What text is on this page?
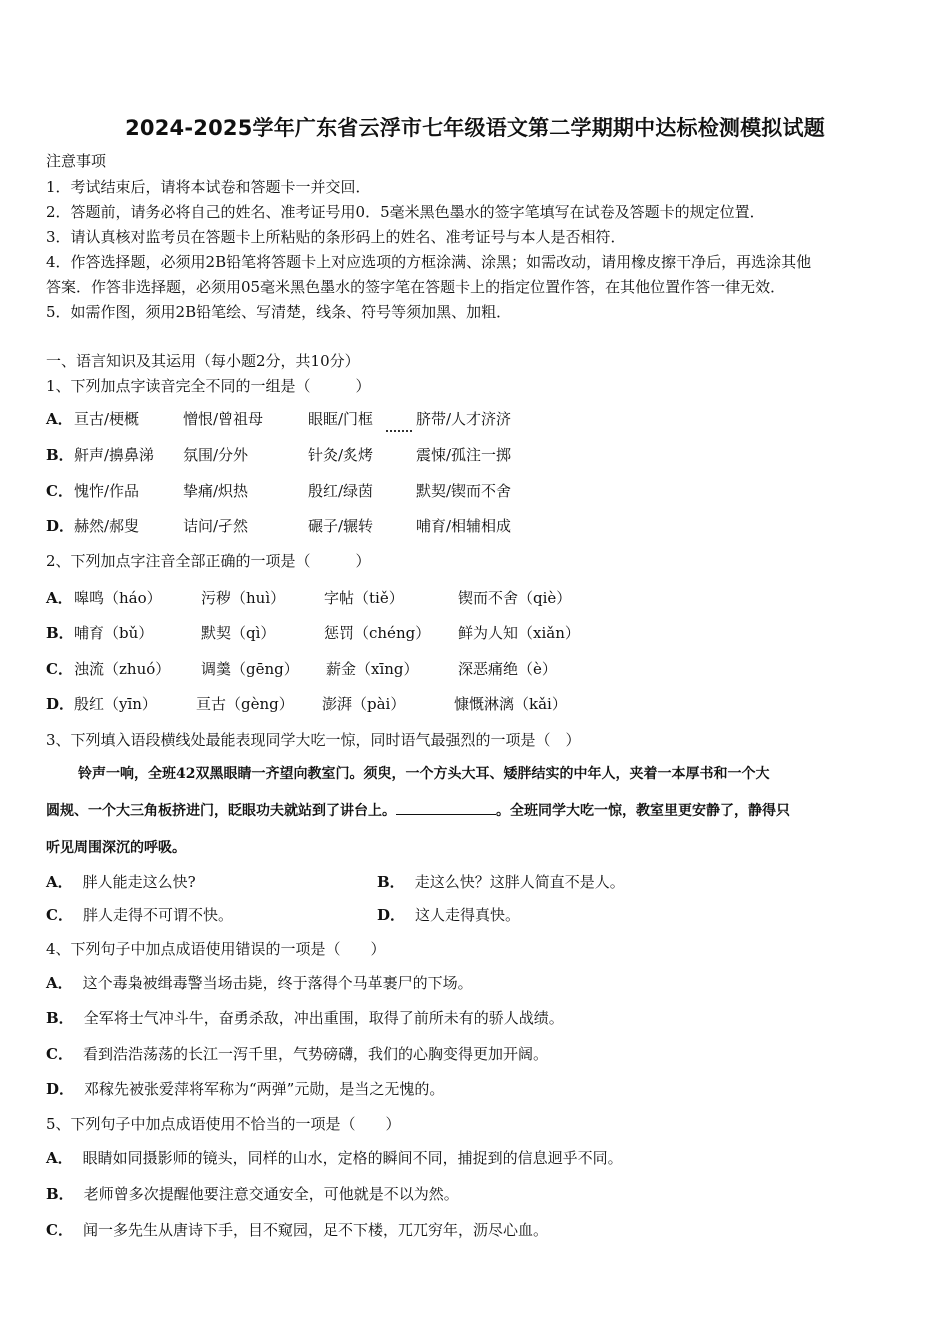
2024-2025学年广东省云浮市七年级语文第二学期期中达标检测模拟试题
注意事项
1．考试结束后，请将本试卷和答题卡一并交回．
2．答题前，请务必将自己的姓名、准考证号用0．5毫米黑色墨水的签字笔填写在试卷及答题卡的规定位置．
3．请认真核对监考员在答题卡上所粘贴的条形码上的姓名、准考证号与本人是否相符．
4．作答选择题，必须用2B铅笔将答题卡上对应选项的方框涂满、涂黑；如需改动，请用橡皮擦干净后，再选涂其他
答案．作答非选择题，必须用05毫米黑色墨水的签字笔在答题卡上的指定位置作答，在其他位置作答一律无效．
5．如需作图，须用2B铅笔绘、写清楚，线条、符号等须加黑、加粗．
一、语言知识及其运用（每小题2分，共10分）
1、下列加点字读音完全不同的一组是（　　　）
A． 亘古/梗概	憎恨/曾祖母	眼眶/门框	脐带/人才济济
B． 鼾声/擤鼻涕 氛围/分外	针灸/炙烤	震悚/孤注一掷
C． 愧怍/作品	挚痛/炽热	殷红/绿茵	默契/锲而不舍
D． 赫然/郝叟	诘问/孑然	碾子/辗转	哺育/相辅相成
2、下列加点字注音全部正确的一项是（　　　）
A． 嗥鸣（háo）	污秽（huì）	字帖（tiě）	锲而不舍（qiè）
B． 哺育（bǔ）	默契（qì）	惩罚（chéng） 鲜为人知（xiǎn）
C． 浊流（zhuó） 调羹（gēng） 薪金（xīng）	深恶痛绝（è）
D． 殷红（yīn）	亘古（gèng） 澎湃（pài）	慷慨淋漓（kǎi）
3、下列填入语段横线处最能表现同学大吃一惊，同时语气最强烈的一项是（　）
铃声一响，全班42双黑眼睛一齐望向教室门。须臾，一个方头大耳、矮胖结实的中年人，夹着一本厚书和一个大
圆规、一个大三角板挤进门，眨眼功夫就站到了讲台上。	。全班同学大吃一惊，教室里更安静了，静得只
听见周围深沉的呼吸。
A． 胖人能走这么快?	B． 走这么快？这胖人简直不是人。
C． 胖人走得不可谓不快。	D． 这人走得真快。
4、下列句子中加点成语使用错误的一项是（　　）
A． 这个毒枭被缉毒警当场击毙，终于落得个马革裹尸的下场。
B． 全军将士气冲斗牛，奋勇杀敌，冲出重围，取得了前所未有的骄人战绩。
C． 看到浩浩荡荡的长江一泻千里，气势磅礴，我们的心胸变得更加开阔。
D． 邓稼先被张爱萍将军称为“两弹”元勋，是当之无愧的。
5、下列句子中加点成语使用不恰当的一项是（　　）
A． 眼睛如同摄影师的镜头，同样的山水，定格的瞬间不同，捕捉到的信息迥乎不同。
B． 老师曾多次提醒他要注意交通安全，可他就是不以为然。
C． 闻一多先生从唐诗下手，目不窥园，足不下楼，兀兀穷年，沥尽心血。
